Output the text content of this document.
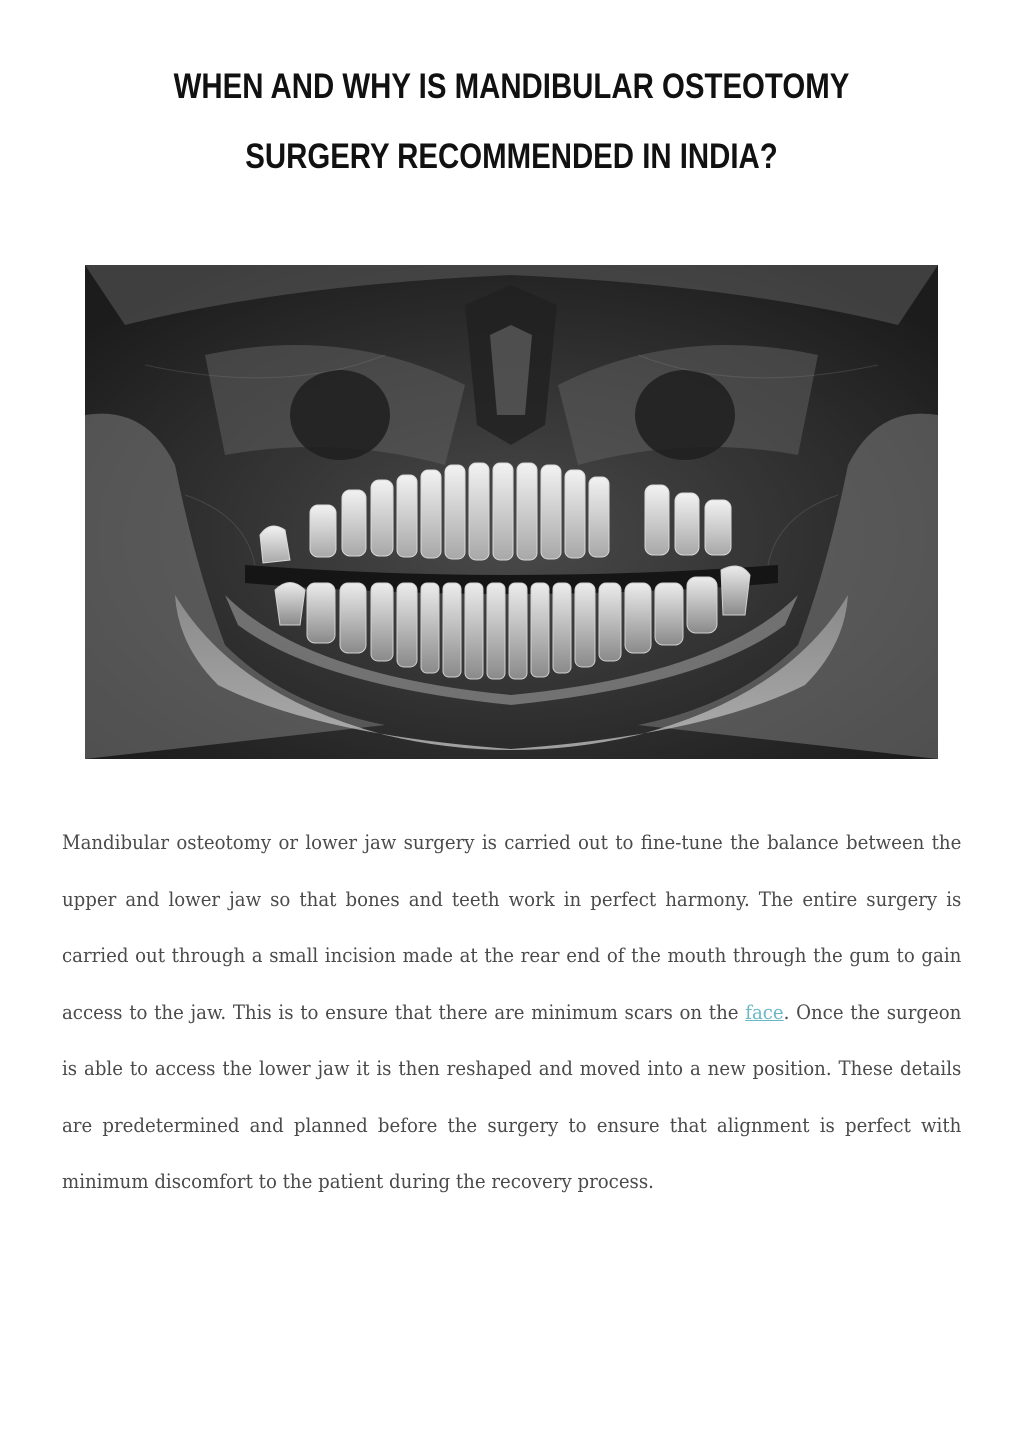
WHEN AND WHY IS MANDIBULAR OSTEOTOMY
SURGERY RECOMMENDED IN INDIA?

Mandibular osteotomy or lower jaw surgery is carried out to fine-tune the balance between the upper and lower jaw so that bones and teeth work in perfect harmony. The entire surgery is carried out through a small incision made at the rear end of the mouth through the gum to gain access to the jaw. This is to ensure that there are minimum scars on the face. Once the surgeon is able to access the lower jaw it is then reshaped and moved into a new position. These details are predetermined and planned before the surgery to ensure that alignment is perfect with minimum discomfort to the patient during the recovery process.
